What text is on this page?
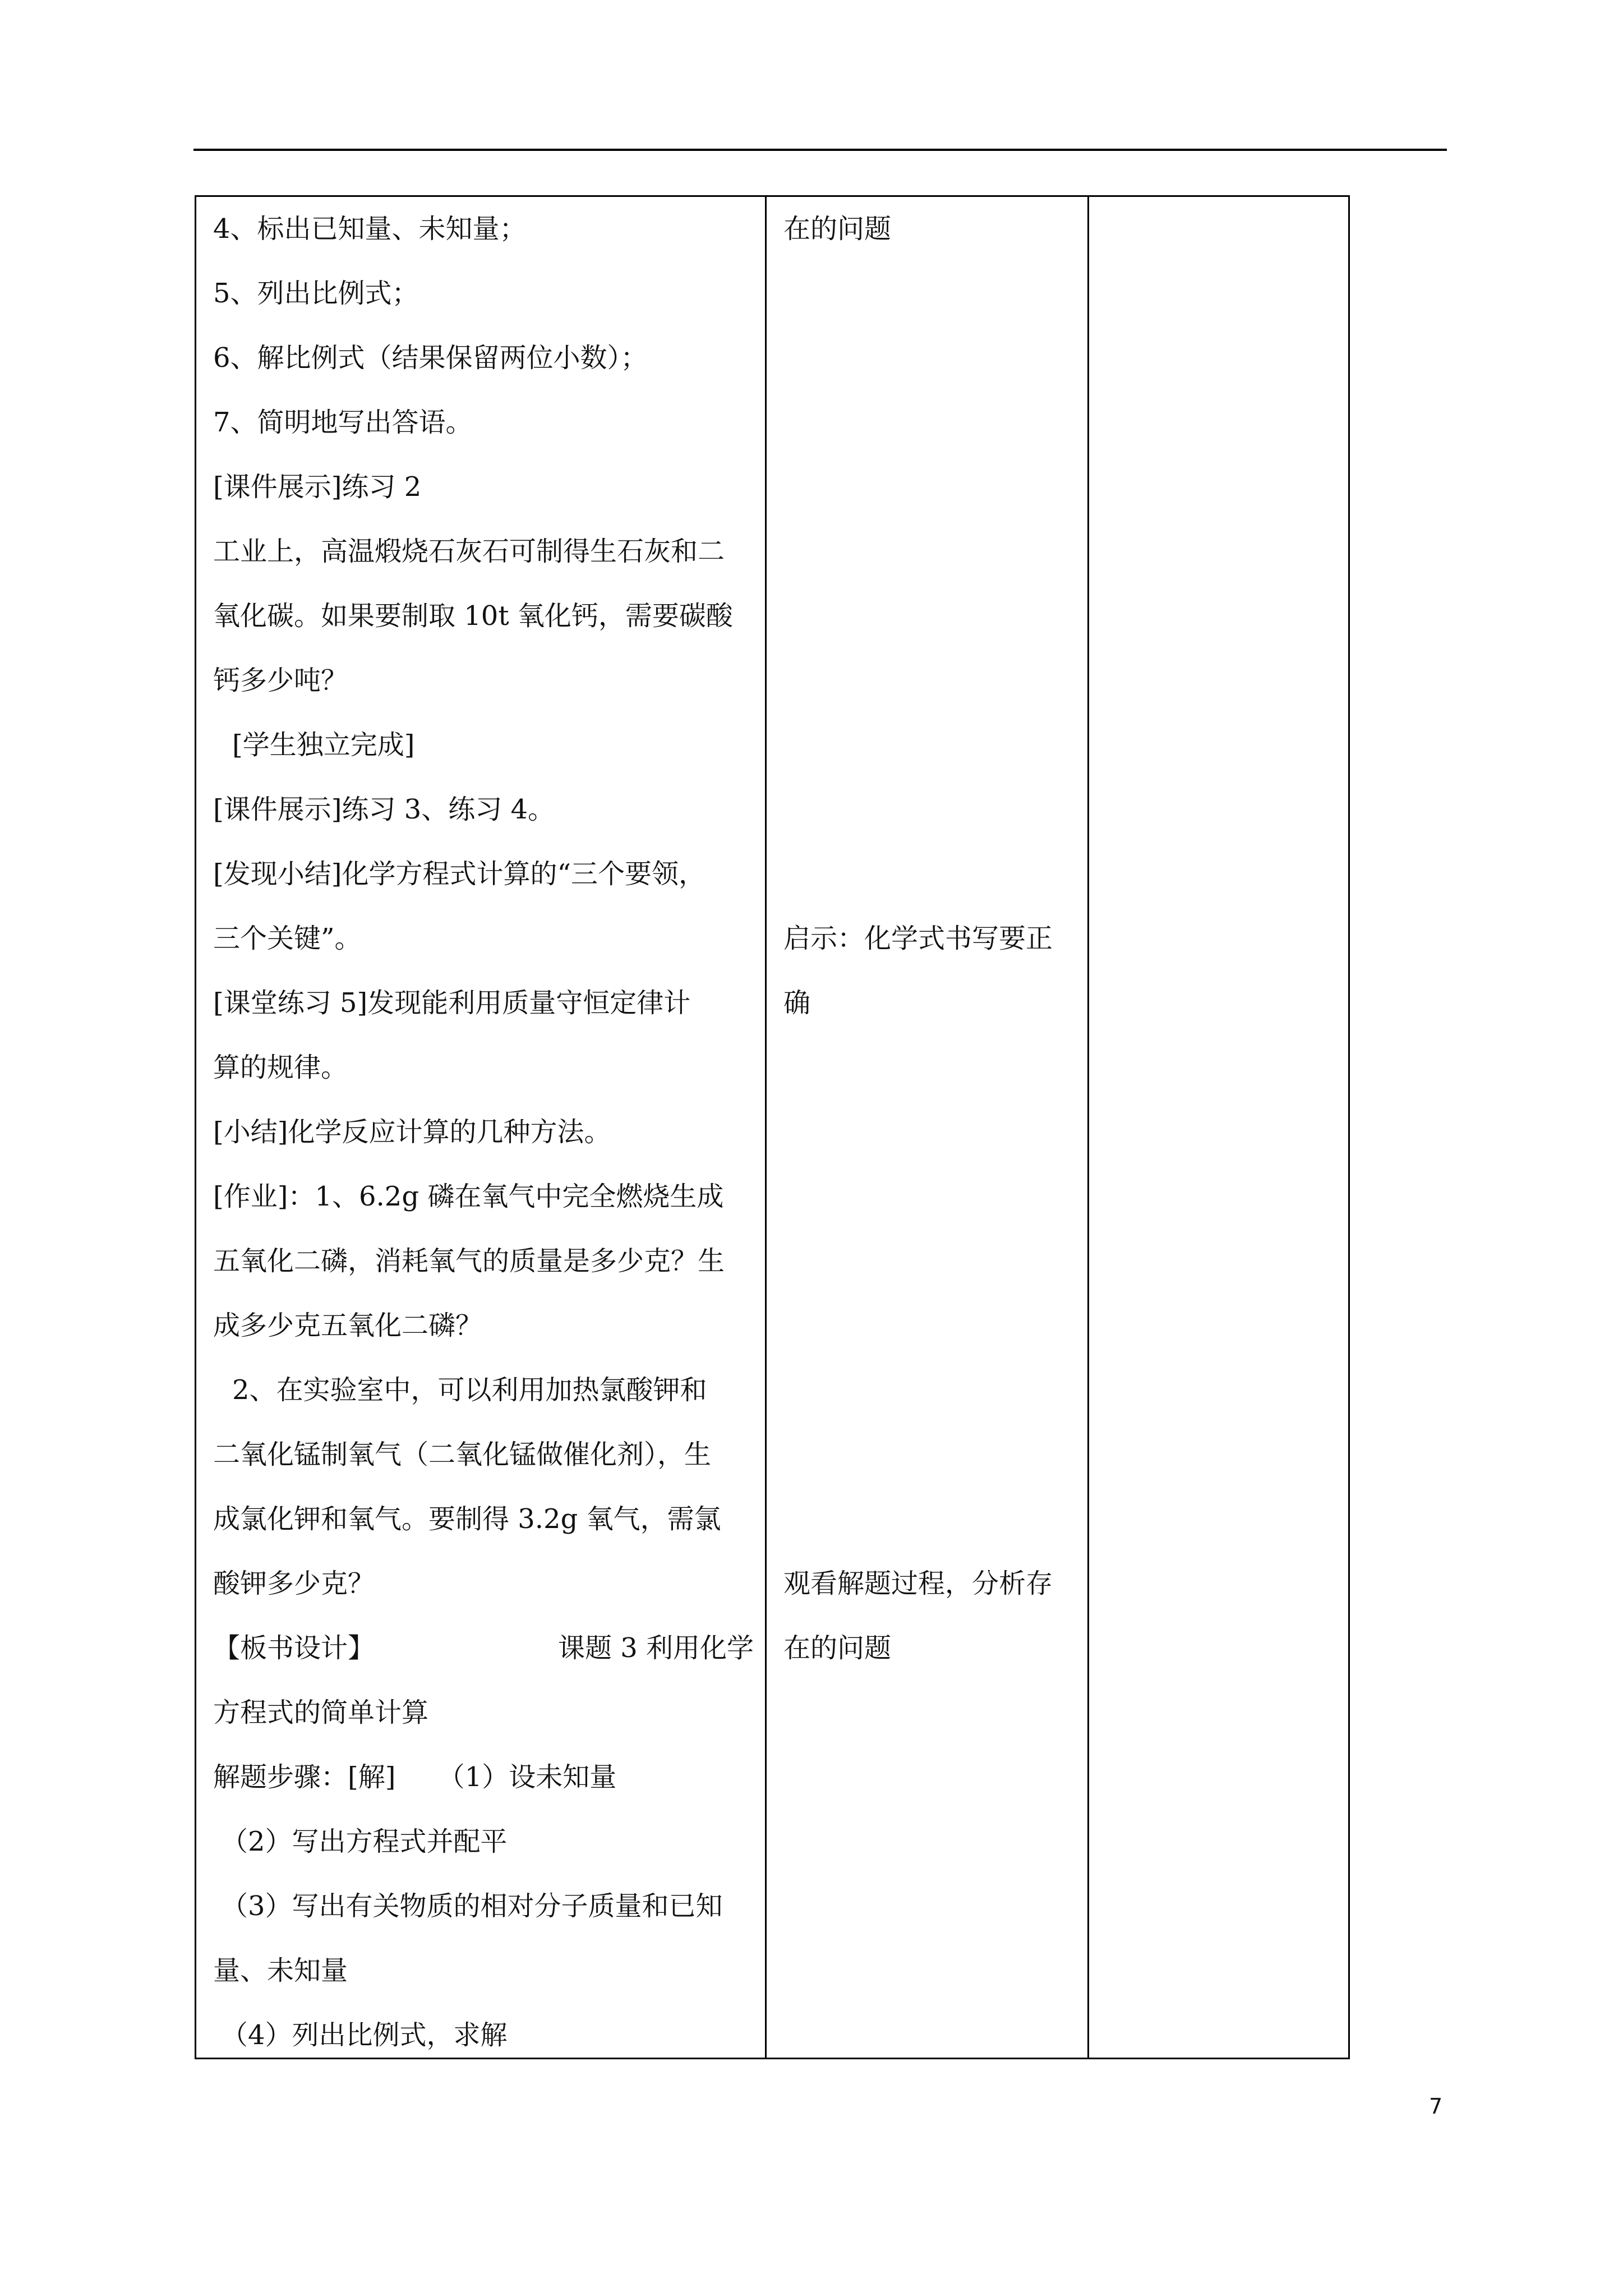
4、标出已知量、未知量；
5、列出比例式；
6、解比例式（结果保留两位小数）；
7、简明地写出答语。
[课件展示]练习 2
工业上，高温煅烧石灰石可制得生石灰和二
氧化碳。如果要制取 10t 氧化钙，需要碳酸
钙多少吨？
[学生独立完成]
[课件展示]练习 3、练习 4。
[发现小结]化学方程式计算的“三个要领，
三个关键”。
[课堂练习 5]发现能利用质量守恒定律计
算的规律。
[小结]化学反应计算的几种方法。
[作业]：1、6.2g 磷在氧气中完全燃烧生成
五氧化二磷，消耗氧气的质量是多少克？生
成多少克五氧化二磷？
2、在实验室中，可以利用加热氯酸钾和
二氧化锰制氧气（二氧化锰做催化剂），生
成氯化钾和氧气。要制得 3.2g 氧气，需氯
酸钾多少克？
【板书设计】	课题 3 利用化学
方程式的简单计算
解题步骤：[解] （1）设未知量
（2）写出方程式并配平
（3）写出有关物质的相对分子质量和已知
量、未知量
（4）列出比例式，求解
在的问题
启示：化学式书写要正
确
观看解题过程，分析存
在的问题
7
